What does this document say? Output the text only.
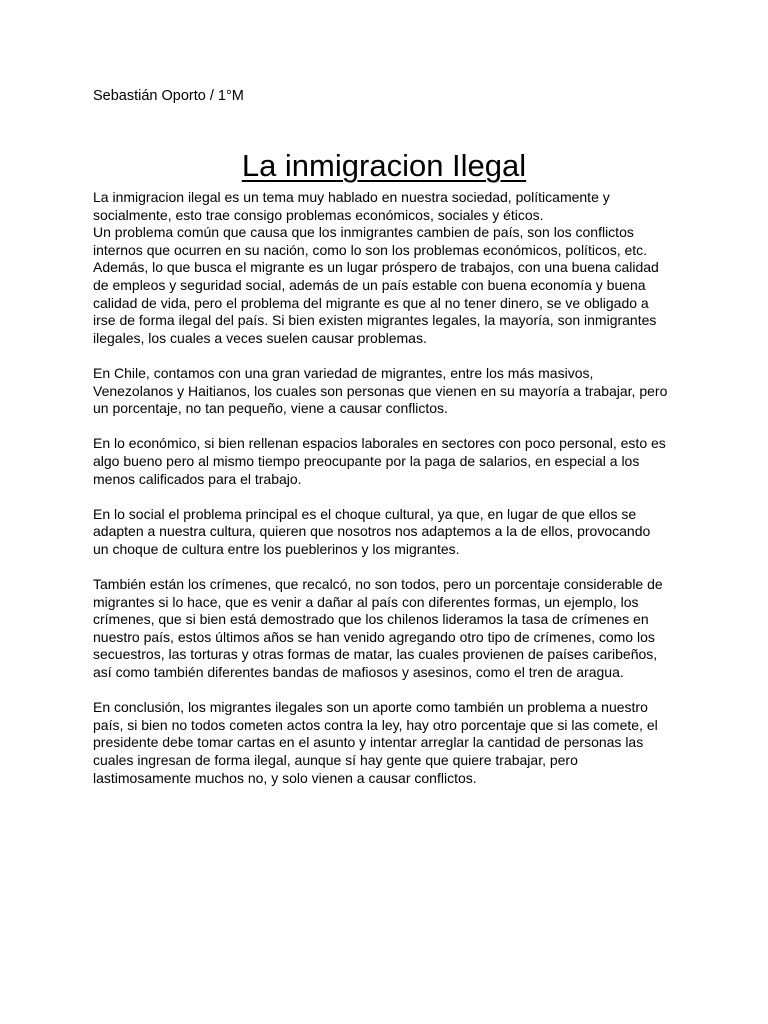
Sebastián Oporto / 1°M
La inmigracion Ilegal

La inmigracion ilegal es un tema muy hablado en nuestra sociedad, políticamente y
socialmente, esto trae consigo problemas económicos, sociales y éticos.
Un problema común que causa que los inmigrantes cambien de país, son los conflictos
internos que ocurren en su nación, como lo son los problemas económicos, políticos, etc.
Además, lo que busca el migrante es un lugar próspero de trabajos, con una buena calidad
de empleos y seguridad social, además de un país estable con buena economía y buena
calidad de vida, pero el problema del migrante es que al no tener dinero, se ve obligado a
irse de forma ilegal del país. Si bien existen migrantes legales, la mayoría, son inmigrantes
ilegales, los cuales a veces suelen causar problemas.

En Chile, contamos con una gran variedad de migrantes, entre los más masivos,
Venezolanos y Haitianos, los cuales son personas que vienen en su mayoría a trabajar, pero
un porcentaje, no tan pequeño, viene a causar conflictos.

En lo económico, si bien rellenan espacios laborales en sectores con poco personal, esto es
algo bueno pero al mismo tiempo preocupante por la paga de salarios, en especial a los
menos calificados para el trabajo.

En lo social el problema principal es el choque cultural, ya que, en lugar de que ellos se
adapten a nuestra cultura, quieren que nosotros nos adaptemos a la de ellos, provocando
un choque de cultura entre los pueblerinos y los migrantes.

También están los crímenes, que recalcó, no son todos, pero un porcentaje considerable de
migrantes si lo hace, que es venir a dañar al país con diferentes formas, un ejemplo, los
crímenes, que si bien está demostrado que los chilenos lideramos la tasa de crímenes en
nuestro país, estos últimos años se han venido agregando otro tipo de crímenes, como los
secuestros, las torturas y otras formas de matar, las cuales provienen de países caribeños,
así como también diferentes bandas de mafiosos y asesinos, como el tren de aragua.

En conclusión, los migrantes ilegales son un aporte como también un problema a nuestro
país, si bien no todos cometen actos contra la ley, hay otro porcentaje que si las comete, el
presidente debe tomar cartas en el asunto y intentar arreglar la cantidad de personas las
cuales ingresan de forma ilegal, aunque sí hay gente que quiere trabajar, pero
lastimosamente muchos no, y solo vienen a causar conflictos.
